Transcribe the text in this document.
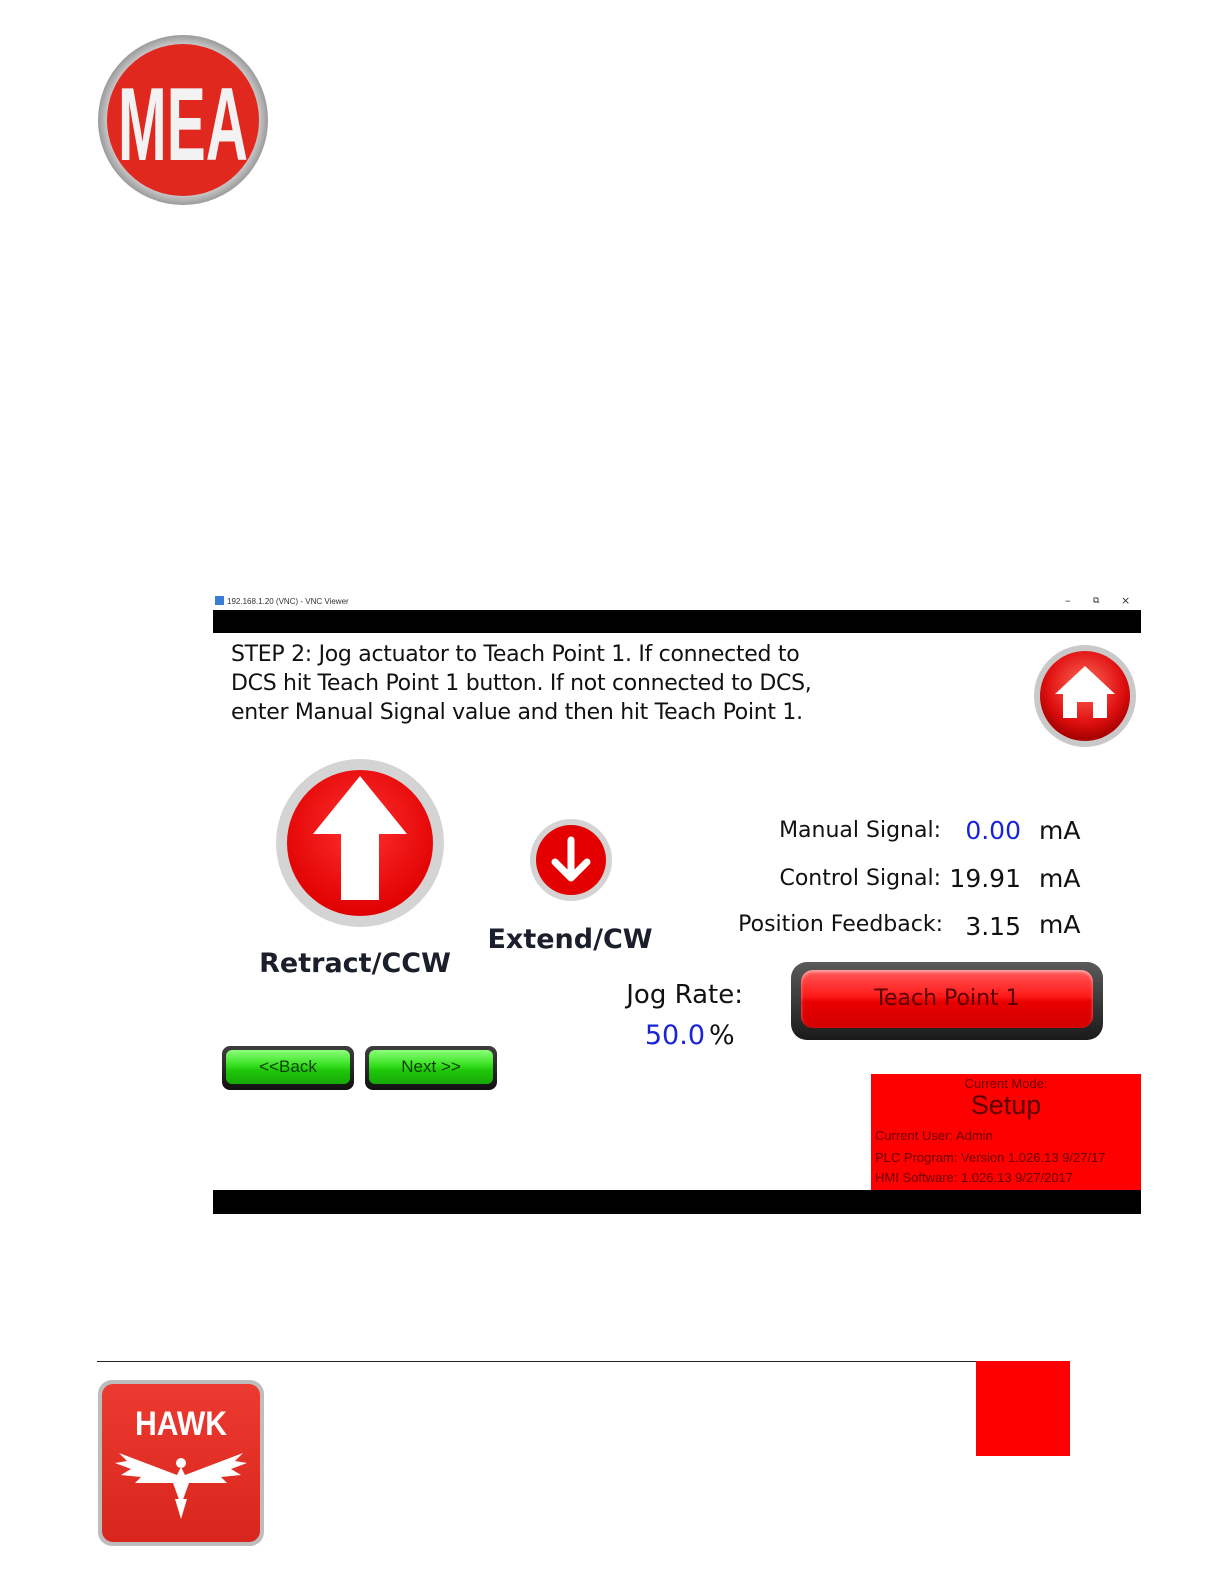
MEA
192.168.1.20 (VNC) - VNC Viewer	–	⧉ ×
STEP 2: Jog actuator to Teach Point 1. If connected to
DCS hit Teach Point 1 button. If not connected to DCS,
enter Manual Signal value and then hit Teach Point 1.
Retract/CCW
Extend/CW
Manual Signal: 0.00 mA
Control Signal: 19.91 mA
Position Feedback: 3.15 mA
Jog Rate:
50.0 %
Teach Point 1
<<Back	Next >>
Current Mode:
Setup
Current User: Admin
PLC Program: Version 1.026.13 9/27/17
HMI Software: 1.026.13 9/27/2017
HAWK
